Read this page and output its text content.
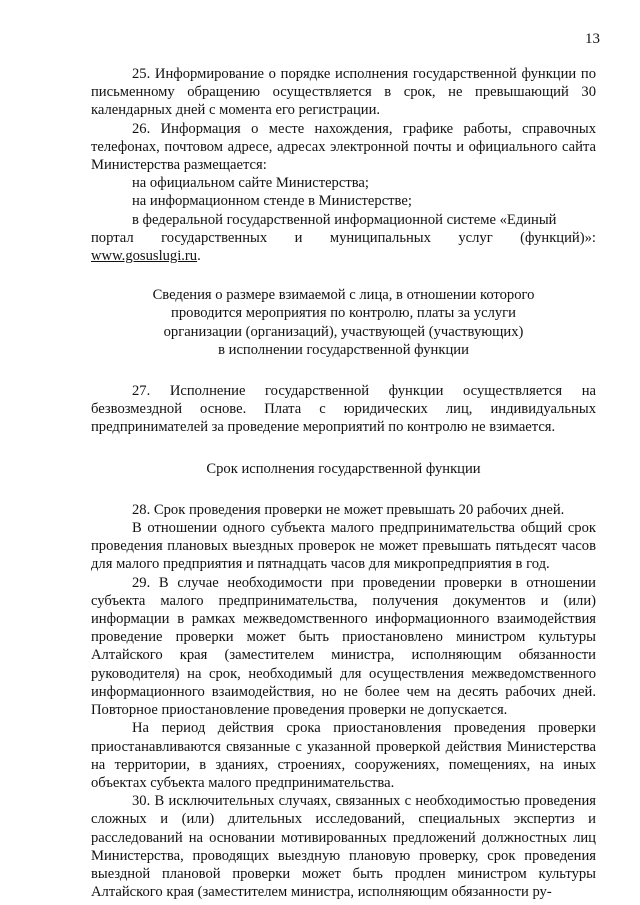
13

25. Информирование о порядке исполнения государственной функции по письменному обращению осуществляется в срок, не превышающий 30 календарных дней с момента его регистрации.

26. Информация о месте нахождения, графике работы, справочных телефонах, почтовом адресе, адресах электронной почты и официального сайта Министерства размещается:

на официальном сайте Министерства;

на информационном стенде в Министерстве;

в федеральной государственной информационной системе «Единый

портал государственных и муниципальных услуг (функций)»:

www.gosuslugi.ru.

Сведения о размере взимаемой с лица, в отношении которого
проводится мероприятия по контролю, платы за услуги
организации (организаций), участвующей (участвующих)
в исполнении государственной функции

27. Исполнение государственной функции осуществляется на безвозмездной основе. Плата с юридических лиц, индивидуальных предпринимателей за проведение мероприятий по контролю не взимается.

Срок исполнения государственной функции

28. Срок проведения проверки не может превышать 20 рабочих дней.

В отношении одного субъекта малого предпринимательства общий срок проведения плановых выездных проверок не может превышать пятьдесят часов для малого предприятия и пятнадцать часов для микропредприятия в год.

29. В случае необходимости при проведении проверки в отношении субъекта малого предпринимательства, получения документов и (или) информации в рамках межведомственного информационного взаимодействия проведение проверки может быть приостановлено министром культуры Алтайского края (заместителем министра, исполняющим обязанности руководителя) на срок, необходимый для осуществления межведомственного информационного взаимодействия, но не более чем на десять рабочих дней. Повторное приостановление проведения проверки не допускается.

На период действия срока приостановления проведения проверки приостанавливаются связанные с указанной проверкой действия Министерства на территории, в зданиях, строениях, сооружениях, помещениях, на иных объектах субъекта малого предпринимательства.

30. В исключительных случаях, связанных с необходимостью проведения сложных и (или) длительных исследований, специальных экспертиз и расследований на основании мотивированных предложений должностных лиц Министерства, проводящих выездную плановую проверку, срок проведения выездной плановой проверки может быть продлен министром культуры Алтайского края (заместителем министра, исполняющим обязанности ру-
